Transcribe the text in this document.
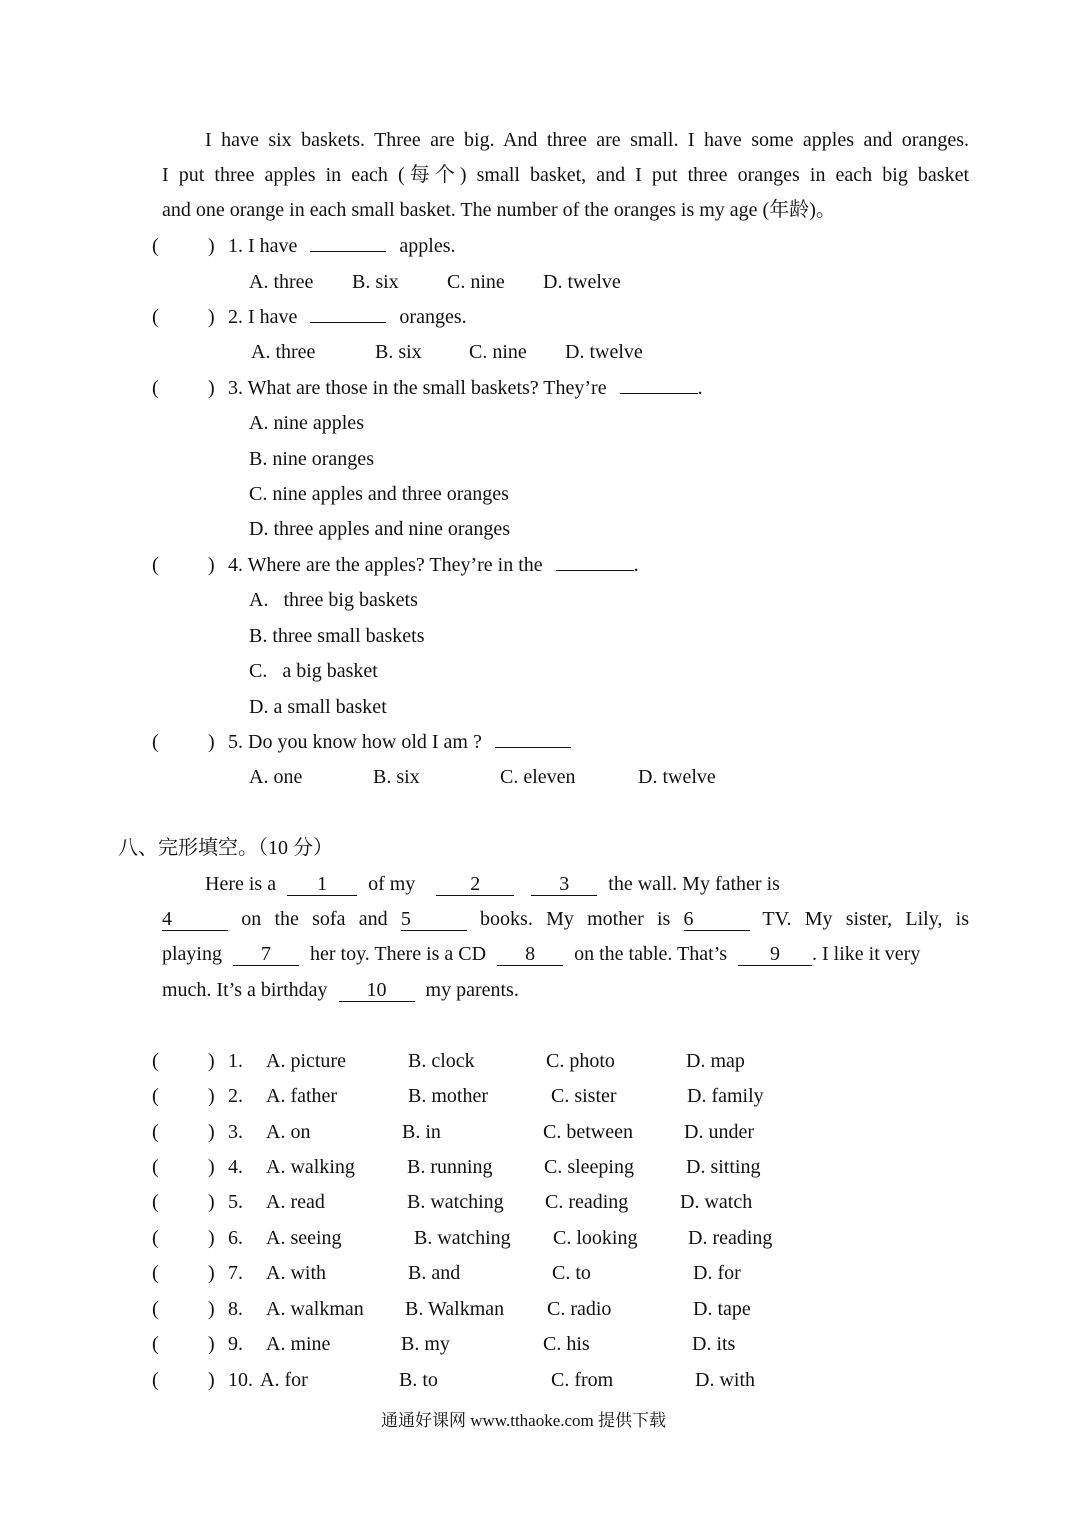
I have six baskets. Three are big. And three are small. I have some apples and oranges.
I put three apples in each (每个) small basket, and I put three oranges in each big basket
and one orange in each small basket. The number of the oranges is my age (年龄)。
( ) 1. I have	apples.
A. three B. six C. nine D. twelve
( ) 2. I have	oranges.
A. three	B. six C. nine D. twelve
( ) 3. What are those in the small baskets? They’re	.
A. nine apples
B. nine oranges
C. nine apples and three oranges
D. three apples and nine oranges
( ) 4. Where are the apples? They’re in the	.
A.   three big baskets
B. three small baskets
C.   a big basket
D. a small basket
( ) 5. Do you know how old I am ?
A. one	B. six	C. eleven	D. twelve
八、完形填空。（10 分）
Here is a 1 of my	2	3 the wall. My father is
4	on the sofa and 5	books. My mother is 6	TV. My sister, Lily, is
playing 7 her toy. There is a CD 8 on the table. That’s 9 . I like it very
much. It’s a birthday 10 my parents.
( ) 1. A. picture	B. clock	C. photo	D. map
( ) 2. A. father	B. mother	C. sister	D. family
( ) 3. A. on	B. in	C. between	D. under
( ) 4. A. walking	B. running	C. sleeping	D. sitting
( ) 5. A. read	B. watching C. reading	D. watch
( ) 6. A. seeing	B. watching C. looking	D. reading
( ) 7. A. with	B. and	C. to	D. for
( ) 8. A. walkman B. Walkman C. radio	D. tape
( ) 9. A. mine	B. my	C. his	D. its
( ) 10. A. for	B. to	C. from	D. with
通通好课网 www.tthaoke.com 提供下载
